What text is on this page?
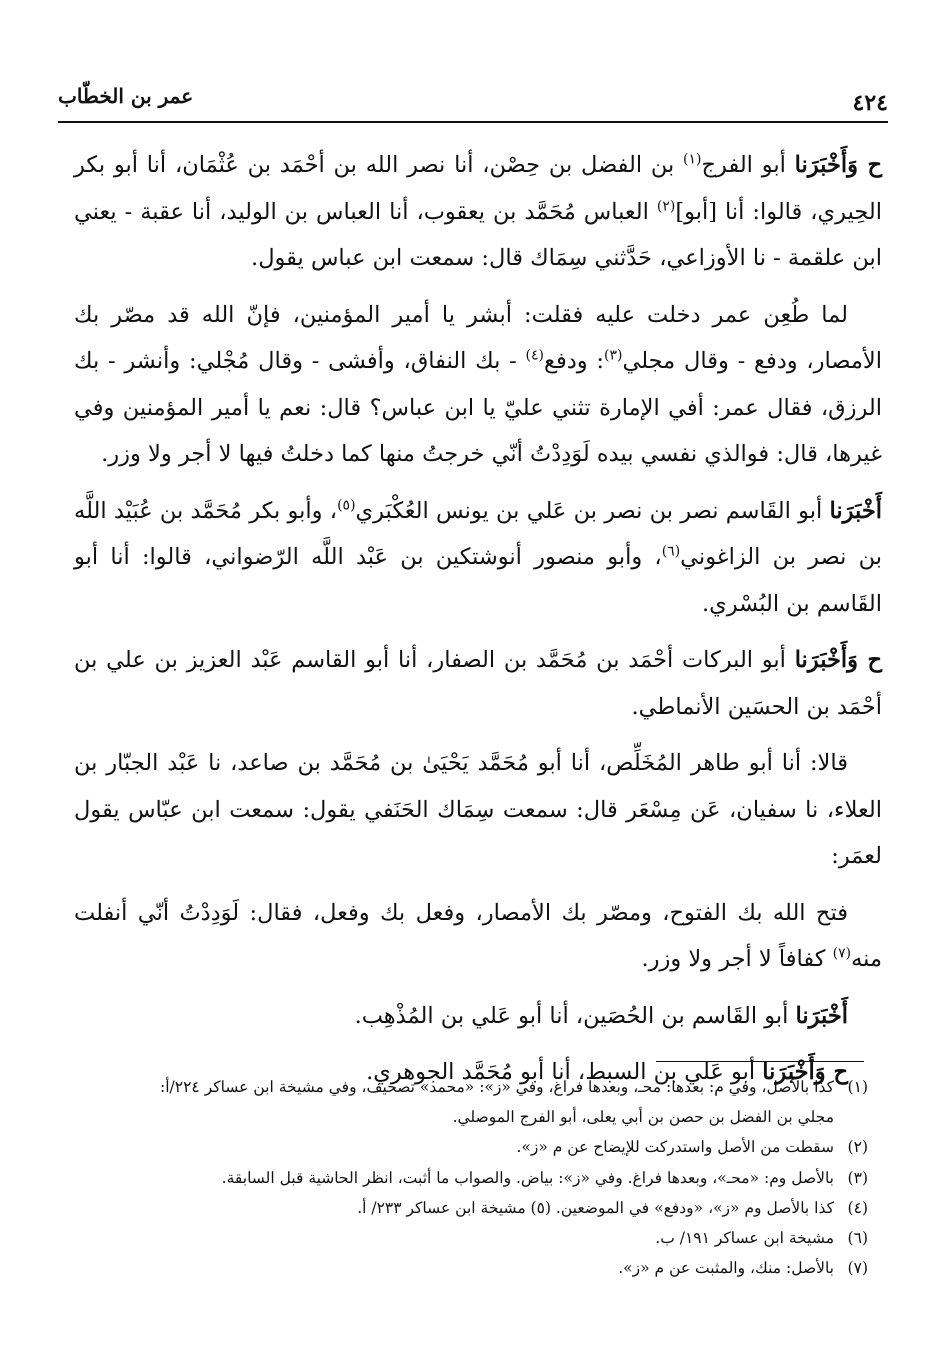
٤٢٤
عمر بن الخطّاب

ح وَأَخْبَرَنا أبو الفرج$^{(١)}$ بن الفضل بن حِصْن، أنا نصر الله بن أحْمَد بن عُثْمَان، أنا أبو بكر الحِيري، قالوا: أنا [أبو]$^{(٢)}$ العباس مُحَمَّد بن يعقوب، أنا العباس بن الوليد، أنا عقبة - يعني ابن علقمة - نا الأوزاعي، حَدَّثني سِمَاك قال: سمعت ابن عباس يقول.

لما طُعِن عمر دخلت عليه فقلت: أبشر يا أمير المؤمنين، فإنّ الله قد مصّر بك الأمصار، ودفع - وقال مجلي$^{(٣)}$: ودفع$^{(٤)}$ - بك النفاق، وأفشى - وقال مُجْلي: وأنشر - بك الرزق، فقال عمر: أفي الإمارة تثني عليّ يا ابن عباس؟ قال: نعم يا أمير المؤمنين وفي غيرها، قال: فوالذي نفسي بيده لَوَدِدْتُ أنّي خرجتُ منها كما دخلتُ فيها لا أجر ولا وزر.

أَخْبَرَنا أبو القَاسم نصر بن نصر بن عَلي بن يونس العُكْبَري$^{(٥)}$، وأبو بكر مُحَمَّد بن عُبَيْد اللَّه بن نصر بن الزاغوني$^{(٦)}$، وأبو منصور أنوشتكين بن عَبْد اللَّه الرّضواني، قالوا: أنا أبو القَاسم بن البُسْري.

ح وَأَخْبَرَنا أبو البركات أحْمَد بن مُحَمَّد بن الصفار، أنا أبو القاسم عَبْد العزيز بن علي بن أحْمَد بن الحسَين الأنماطي.

قالا: أنا أبو طاهر المُخَلِّص، أنا أبو مُحَمَّد يَحْيَىٰ بن مُحَمَّد بن صاعد، نا عَبْد الجبّار بن العلاء، نا سفيان، عَن مِسْعَر قال: سمعت سِمَاك الحَنَفي يقول: سمعت ابن عبّاس يقول لعمَر:

فتح الله بك الفتوح، ومصّر بك الأمصار، وفعل بك وفعل، فقال: لَوَدِدْتُ أنّي أنفلت منه$^{(٧)}$ كفافاً لا أجر ولا وزر.

أَخْبَرَنا أبو القَاسم بن الحُصَين، أنا أبو عَلي بن المُذْهِب.

ح وَأَخْبَرَنا أبو عَلي بن السبط، أنا أبو مُحَمَّد الجوهري.

(١)
كذا بالأصل، وفي م: بعدها: محـ، وبعدها فراغ، وفي «ز»: «محمد» تصحيف، وفي مشيخة ابن عساكر ٢٢٤/أ:
مجلي بن الفضل بن حصن بن أبي يعلى، أبو الفرج الموصلي.
(٢)
سقطت من الأصل واستدركت للإيضاح عن م «ز».
(٣)
بالأصل وم: «محـ»، وبعدها فراغ. وفي «ز»: بياض. والصواب ما أثبت، انظر الحاشية قبل السابقة.
(٤)
كذا بالأصل وم «ز»، «ودفع» في الموضعين. (٥) مشيخة ابن عساكر ٢٣٣/ أ.
(٦)
مشيخة ابن عساكر ١٩١/ ب.
(٧)
بالأصل: منك، والمثبت عن م «ز».
